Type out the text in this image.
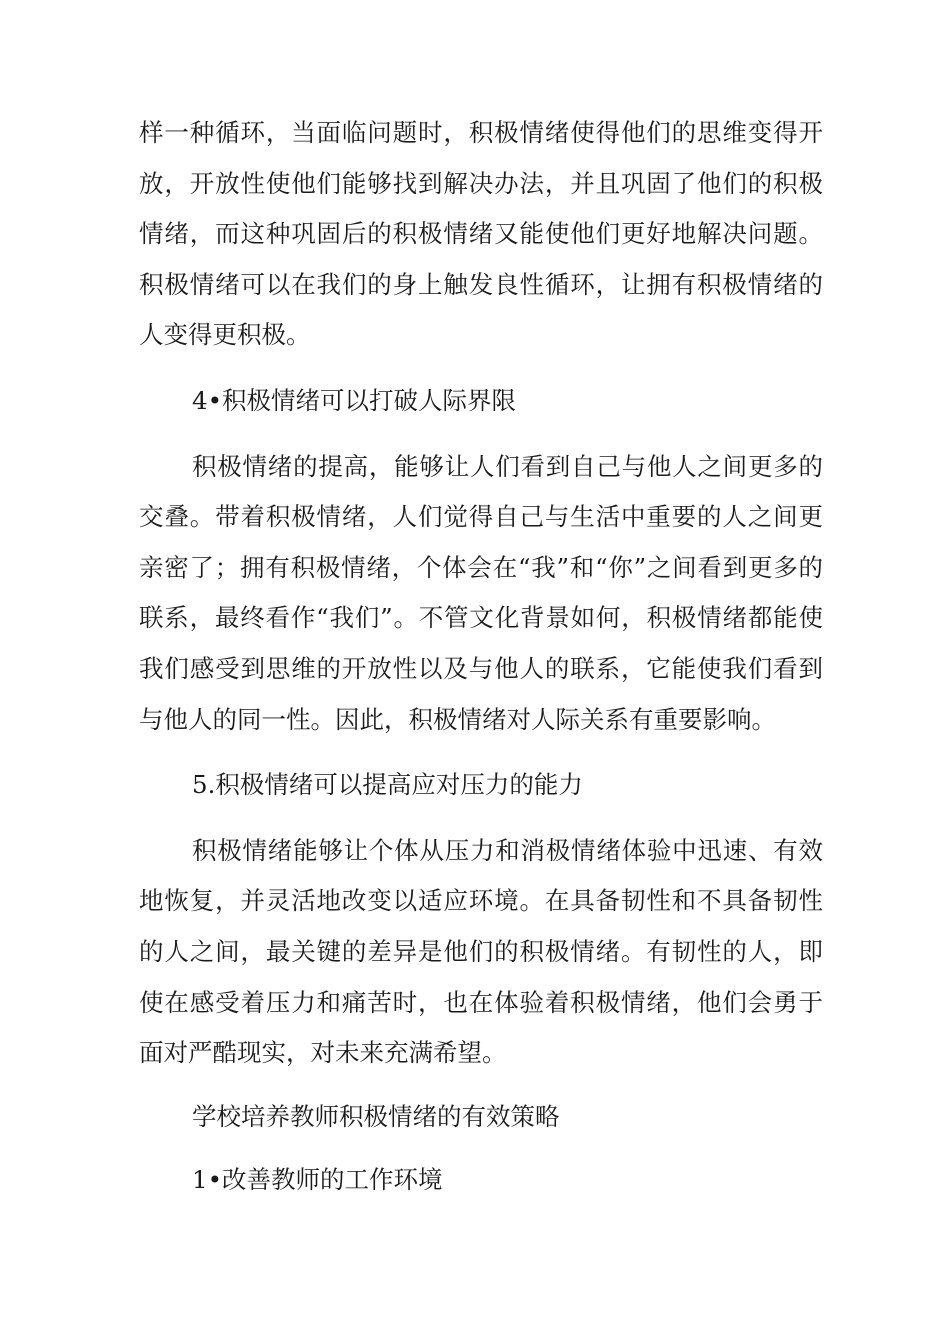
样一种循环，当面临问题时，积极情绪使得他们的思维变得开放，开放性使他们能够找到解决办法，并且巩固了他们的积极情绪，而这种巩固后的积极情绪又能使他们更好地解决问题。积极情绪可以在我们的身上触发良性循环，让拥有积极情绪的人变得更积极。

4•积极情绪可以打破人际界限

积极情绪的提高，能够让人们看到自己与他人之间更多的交叠。带着积极情绪，人们觉得自己与生活中重要的人之间更亲密了；拥有积极情绪，个体会在“我”和“你”之间看到更多的联系，最终看作“我们”。不管文化背景如何，积极情绪都能使我们感受到思维的开放性以及与他人的联系，它能使我们看到与他人的同一性。因此，积极情绪对人际关系有重要影响。

5.积极情绪可以提高应对压力的能力

积极情绪能够让个体从压力和消极情绪体验中迅速、有效地恢复，并灵活地改变以适应环境。在具备韧性和不具备韧性的人之间，最关键的差异是他们的积极情绪。有韧性的人，即使在感受着压力和痛苦时，也在体验着积极情绪，他们会勇于面对严酷现实，对未来充满希望。

学校培养教师积极情绪的有效策略

1•改善教师的工作环境
